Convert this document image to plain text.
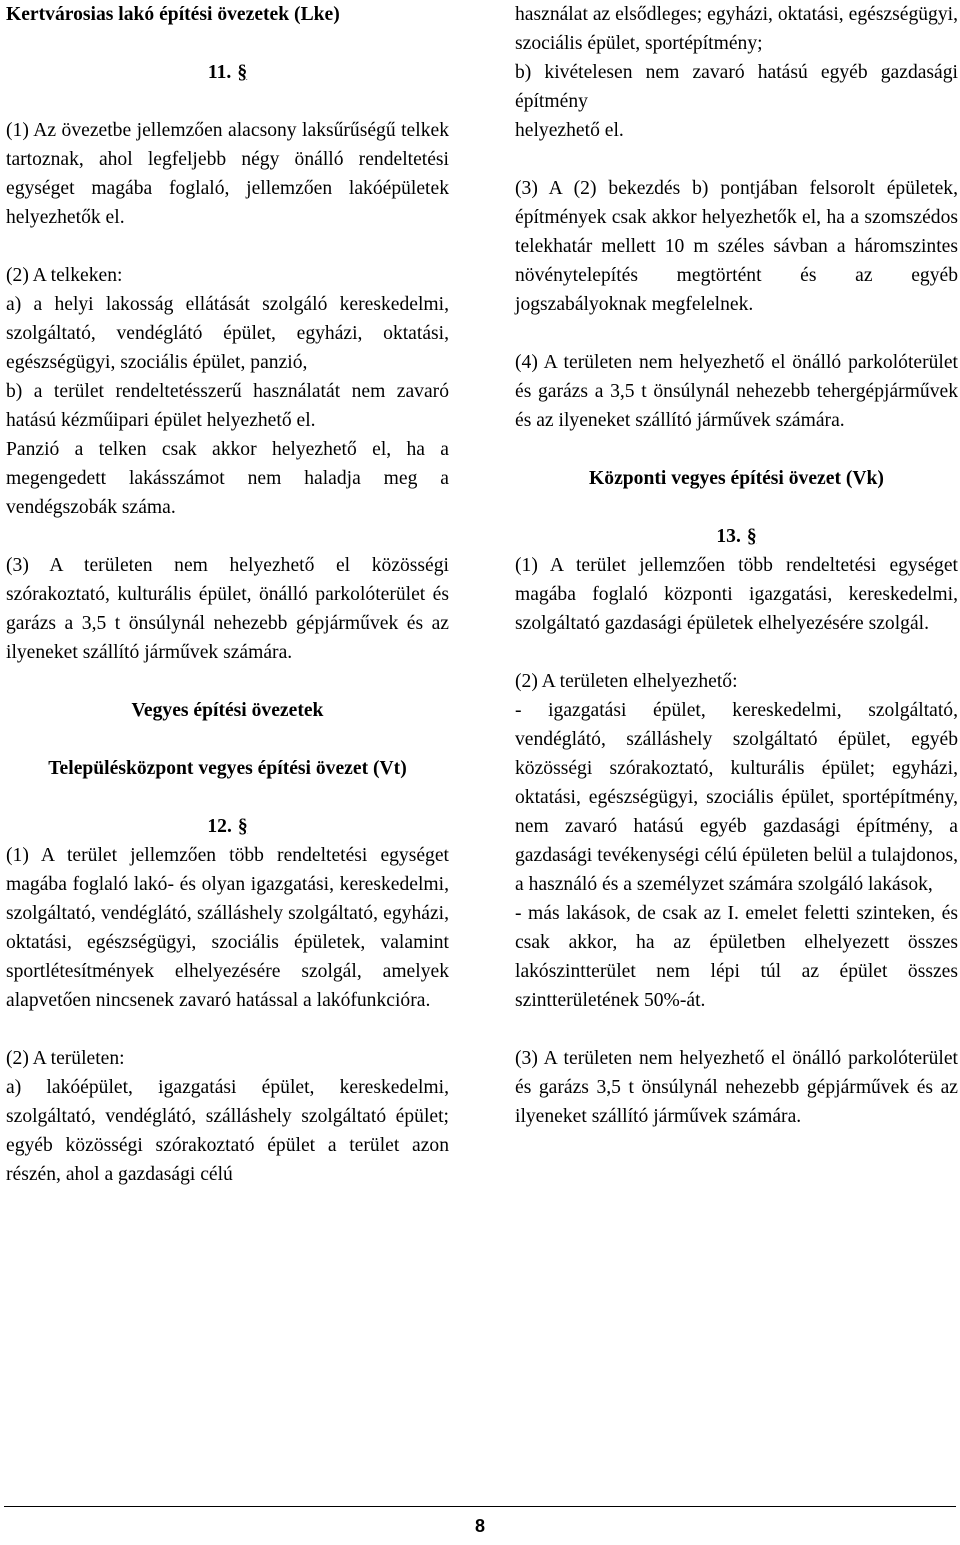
Kertvárosias lakó építési övezetek (Lke)

11. §

(1) Az övezetbe jellemzően alacsony laksűrűségű telkek tartoznak, ahol legfeljebb négy önálló rendeltetési egységet magába foglaló, jellemzően lakóépületek helyezhetők el.

(2) A telkeken:

a) a helyi lakosság ellátását szolgáló kereskedelmi, szolgáltató, vendéglátó épület, egyházi, oktatási, egészségügyi, szociális épület, panzió,

b) a terület rendeltetésszerű használatát nem zavaró hatású kézműipari épület helyezhető el.

Panzió a telken csak akkor helyezhető el, ha a megengedett lakásszámot nem haladja meg a vendégszobák száma.

(3) A területen nem helyezhető el közösségi szórakoztató, kulturális épület, önálló parkolóterület és garázs a 3,5 t önsúlynál nehezebb gépjárművek és az ilyeneket szállító járművek számára.

Vegyes építési övezetek

Településközpont vegyes építési övezet (Vt)

12. §

(1) A terület jellemzően több rendeltetési egységet magába foglaló lakó- és olyan igazgatási, kereskedelmi, szolgáltató, vendéglátó, szálláshely szolgáltató, egyházi, oktatási, egészségügyi, szociális épületek, valamint sportlétesítmények elhelyezésére szolgál, amelyek alapvetően nincsenek zavaró hatással a lakófunkcióra.

(2) A területen:

a) lakóépület, igazgatási épület, kereskedelmi, szolgáltató, vendéglátó, szálláshely szolgáltató épület; egyéb közösségi szórakoztató épület a terület azon részén, ahol a gazdasági célú

használat az elsődleges; egyházi, oktatási, egészségügyi, szociális épület, sportépítmény;

b) kivételesen nem zavaró hatású egyéb gazdasági építmény

helyezhető el.

(3) A (2) bekezdés b) pontjában felsorolt épületek, építmények csak akkor helyezhetők el, ha a szomszédos telekhatár mellett 10 m széles sávban a háromszintes növénytelepítés megtörtént és az egyéb jogszabályoknak megfelelnek.

(4) A területen nem helyezhető el önálló parkolóterület és garázs a 3,5 t önsúlynál nehezebb tehergépjárművek és az ilyeneket szállító járművek számára.

Központi vegyes építési övezet (Vk)

13. §

(1) A terület jellemzően több rendeltetési egységet magába foglaló központi igazgatási, kereskedelmi, szolgáltató gazdasági épületek elhelyezésére szolgál.

(2) A területen elhelyezhető:

- igazgatási épület, kereskedelmi, szolgáltató, vendéglátó, szálláshely szolgáltató épület, egyéb közösségi szórakoztató, kulturális épület; egyházi, oktatási, egészségügyi, szociális épület, sportépítmény, nem zavaró hatású egyéb gazdasági építmény, a gazdasági tevékenységi célú épületen belül a tulajdonos, a használó és a személyzet számára szolgáló lakások,

- más lakások, de csak az I. emelet feletti szinteken, és csak akkor, ha az épületben elhelyezett összes lakószintterület nem lépi túl az épület összes szintterületének 50%-át.

(3) A területen nem helyezhető el önálló parkolóterület és garázs 3,5 t önsúlynál nehezebb gépjárművek és az ilyeneket szállító járművek számára.

8
